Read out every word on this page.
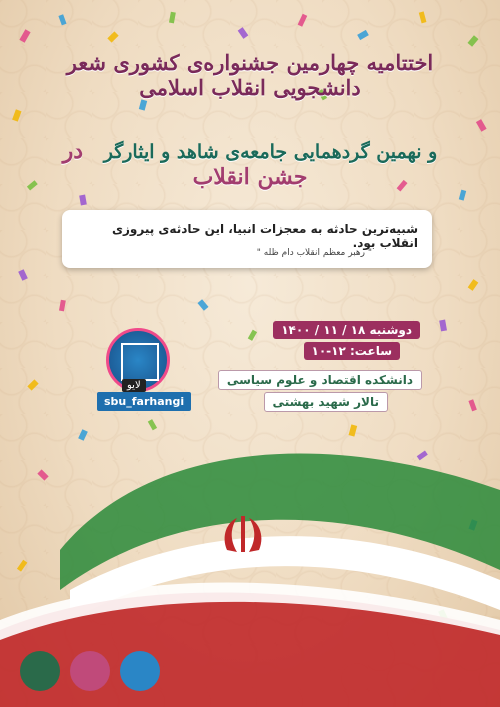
اختتامیه چهارمین جشنواره‌ی کشوری شعر دانشجویی انقلاب اسلامی
و نهمین گردهمایی جامعه‌ی شاهد و ایثارگر در جشن انقلاب
شبیه‌ترین حادثه به معجزات انبیا، این حادثه‌ی پیروزی انقلاب بود.
" رهبر معظم انقلاب دام ظله "
دوشنبه ۱۸ / ۱۱ / ۱۴۰۰
ساعت: ۱۲-۱۰
دانشکده اقتصاد و علوم سیاسی
تالار شهید بهشتی
لایو
sbu_farhangi
